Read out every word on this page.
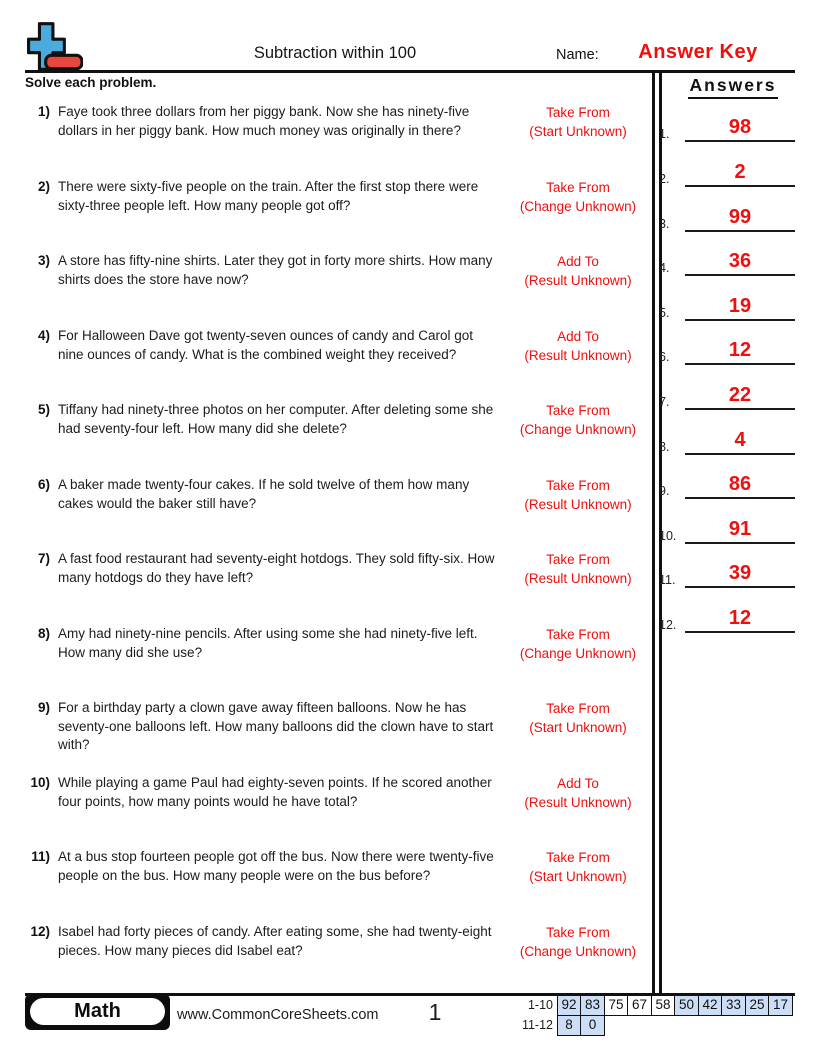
Subtraction within 100	Name:	Answer Key
Solve each problem.
1) Faye took three dollars from her piggy bank. Now she has ninety-five dollars in her piggy bank. How much money was originally in there?
Take From
(Start Unknown)
2) There were sixty-five people on the train. After the first stop there were sixty-three people left. How many people got off?
Take From
(Change Unknown)
3) A store has fifty-nine shirts. Later they got in forty more shirts. How many shirts does the store have now?
Add To
(Result Unknown)
4) For Halloween Dave got twenty-seven ounces of candy and Carol got nine ounces of candy. What is the combined weight they received?
Add To
(Result Unknown)
5) Tiffany had ninety-three photos on her computer. After deleting some she had seventy-four left. How many did she delete?
Take From
(Change Unknown)
6) A baker made twenty-four cakes. If he sold twelve of them how many cakes would the baker still have?
Take From
(Result Unknown)
7) A fast food restaurant had seventy-eight hotdogs. They sold fifty-six. How many hotdogs do they have left?
Take From
(Result Unknown)
8) Amy had ninety-nine pencils. After using some she had ninety-five left. How many did she use?
Take From
(Change Unknown)
9) For a birthday party a clown gave away fifteen balloons. Now he has seventy-one balloons left. How many balloons did the clown have to start with?
Take From
(Start Unknown)
10) While playing a game Paul had eighty-seven points. If he scored another four points, how many points would he have total?
Add To
(Result Unknown)
11) At a bus stop fourteen people got off the bus. Now there were twenty-five people on the bus. How many people were on the bus before?
Take From
(Start Unknown)
12) Isabel had forty pieces of candy. After eating some, she had twenty-eight pieces. How many pieces did Isabel eat?
Take From
(Change Unknown)
Answers
1.	98
2.	2
3.	99
4.	36
5.	19
6.	12
7.	22
8.	4
9.	86
10.	91
11.	39
12.	12
Math	www.CommonCoreSheets.com	1	1-10 92 83 75 67 58 50 42 33 25 17
11-12 8	0
